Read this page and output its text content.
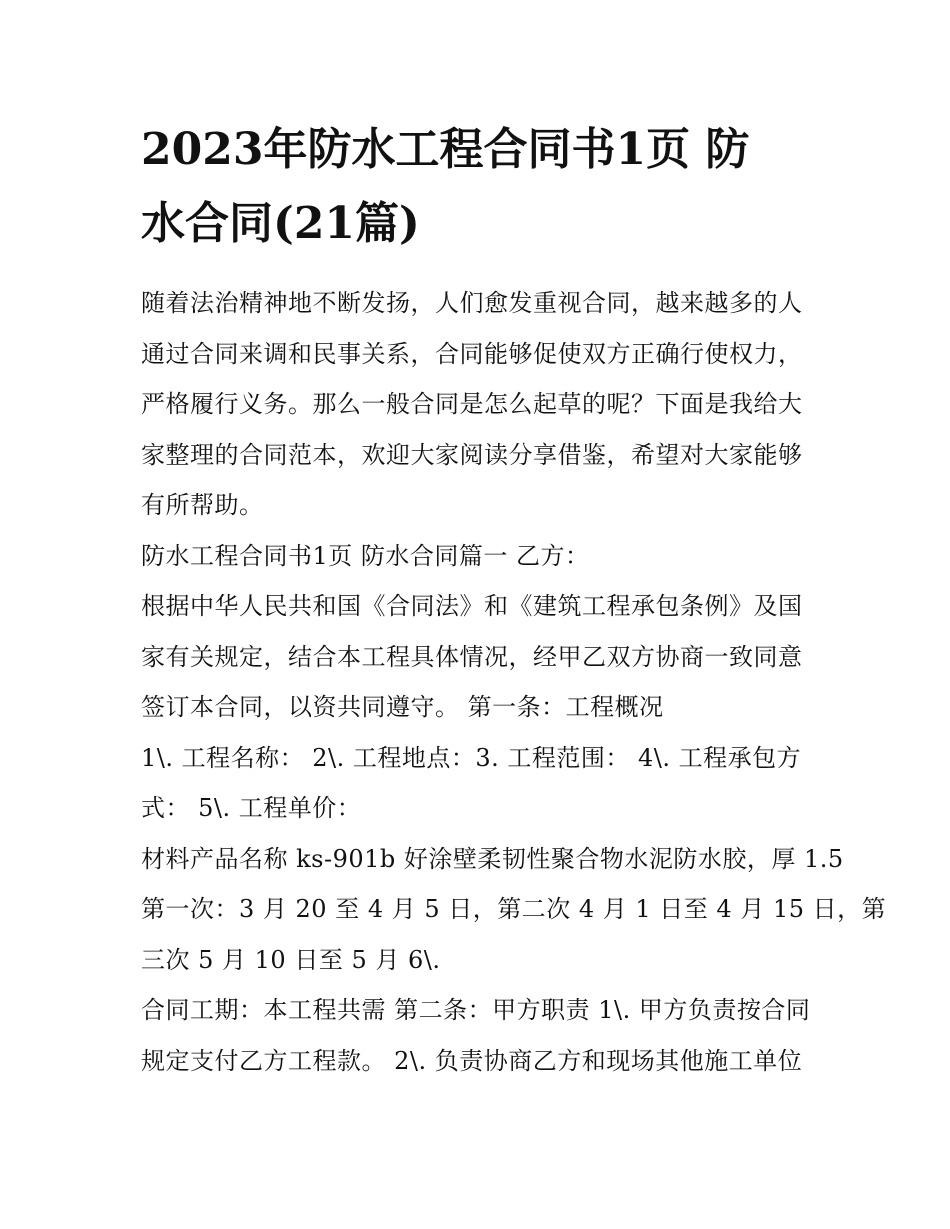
2023年防水工程合同书1页 防
水合同(21篇)

随着法治精神地不断发扬，人们愈发重视合同，越来越多的人
通过合同来调和民事关系，合同能够促使双方正确行使权力，
严格履行义务。那么一般合同是怎么起草的呢？下面是我给大
家整理的合同范本，欢迎大家阅读分享借鉴，希望对大家能够
有所帮助。

防水工程合同书1页 防水合同篇一 乙方：

根据中华人民共和国《合同法》和《建筑工程承包条例》及国
家有关规定，结合本工程具体情况，经甲乙双方协商一致同意
签订本合同，以资共同遵守。 第一条：工程概况

1\. 工程名称： 2\. 工程地点：3. 工程范围： 4\. 工程承包方
式： 5\. 工程单价：

材料产品名称 ks-901b 好涂壁柔韧性聚合物水泥防水胶，厚 1.5
第一次：3 月 20 至 4 月 5 日，第二次 4 月 1 日至 4 月 15 日，第
三次 5 月 10 日至 5 月 6\.

合同工期：本工程共需 第二条：甲方职责 1\. 甲方负责按合同
规定支付乙方工程款。 2\. 负责协商乙方和现场其他施工单位
